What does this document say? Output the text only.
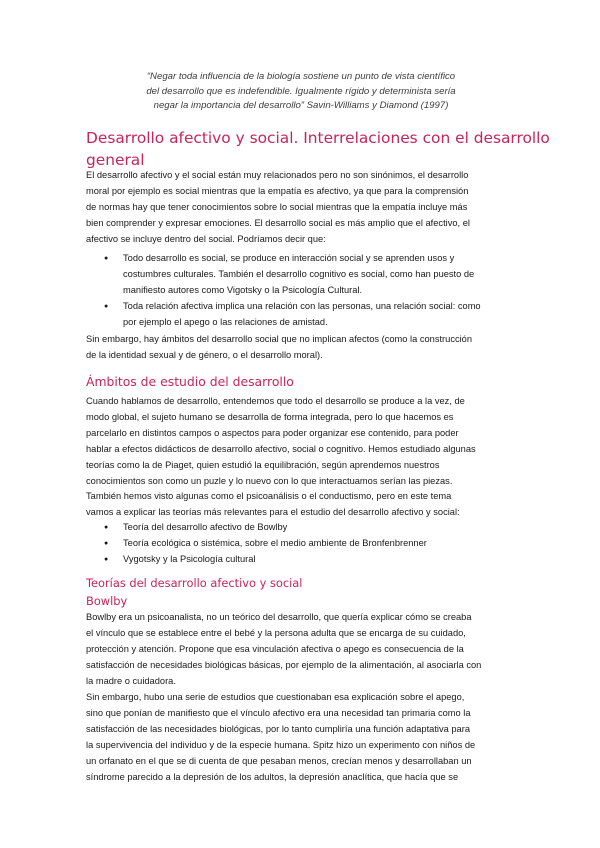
“Negar toda influencia de la biología sostiene un punto de vista científico
del desarrollo que es indefendible. Igualmente rígido y determinista sería
negar la importancia del desarrollo” Savin-Williams y Diamond (1997)
Desarrollo afectivo y social. Interrelaciones con el desarrollo
general
El desarrollo afectivo y el social están muy relacionados pero no son sinónimos, el desarrollo
moral por ejemplo es social mientras que la empatía es afectivo, ya que para la comprensión
de normas hay que tener conocimientos sobre lo social mientras que la empatía incluye más
bien comprender y expresar emociones. El desarrollo social es más amplio que el afectivo, el
afectivo se incluye dentro del social. Podríamos decir que:
● Todo desarrollo es social, se produce en interacción social y se aprenden usos y
costumbres culturales. También el desarrollo cognitivo es social, como han puesto de
manifiesto autores como Vigotsky o la Psicología Cultural.
● Toda relación afectiva implica una relación con las personas, una relación social: como
por ejemplo el apego o las relaciones de amistad.
Sin embargo, hay ámbitos del desarrollo social que no implican afectos (como la construcción
de la identidad sexual y de género, o el desarrollo moral).
Ámbitos de estudio del desarrollo
Cuando hablamos de desarrollo, entendemos que todo el desarrollo se produce a la vez, de
modo global, el sujeto humano se desarrolla de forma integrada, pero lo que hacemos es
parcelarlo en distintos campos o aspectos para poder organizar ese contenido, para poder
hablar a efectos didácticos de desarrollo afectivo, social o cognitivo. Hemos estudiado algunas
teorías como la de Piaget, quien estudió la equilibración, según aprendemos nuestros
conocimientos son como un puzle y lo nuevo con lo que interactuamos serían las piezas.
También hemos visto algunas como el psicoanálisis o el conductismo, pero en este tema
vamos a explicar las teorías más relevantes para el estudio del desarrollo afectivo y social:
● Teoría del desarrollo afectivo de Bowlby
● Teoría ecológica o sistémica, sobre el medio ambiente de Bronfenbrenner
● Vygotsky y la Psicología cultural
Teorías del desarrollo afectivo y social
Bowlby
Bowlby era un psicoanalista, no un teórico del desarrollo, que quería explicar cómo se creaba
el vínculo que se establece entre el bebé y la persona adulta que se encarga de su cuidado,
protección y atención. Propone que esa vinculación afectiva o apego es consecuencia de la
satisfacción de necesidades biológicas básicas, por ejemplo de la alimentación, al asociarla con
la madre o cuidadora.
Sin embargo, hubo una serie de estudios que cuestionaban esa explicación sobre el apego,
sino que ponían de manifiesto que el vínculo afectivo era una necesidad tan primaria como la
satisfacción de las necesidades biológicas, por lo tanto cumpliría una función adaptativa para
la supervivencia del individuo y de la especie humana. Spitz hizo un experimento con niños de
un orfanato en el que se di cuenta de que pesaban menos, crecían menos y desarrollaban un
síndrome parecido a la depresión de los adultos, la depresión anaclítica, que hacía que se
